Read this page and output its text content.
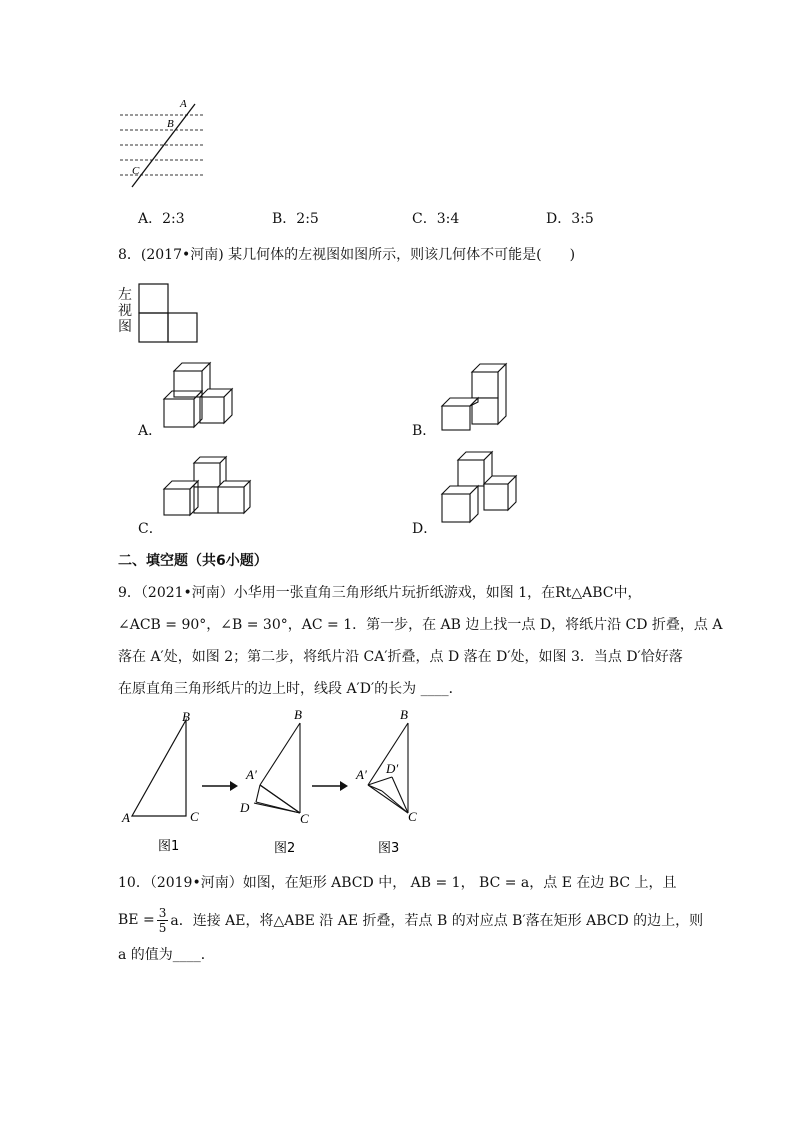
A
B
C
A．2:3	B．2:5	C．3:4	D．3:5
8．(2017•河南) 某几何体的左视图如图所示，则该几何体不可能是(　　)
左
视
图
A．	B．
C．	D．
二、填空题（共6小题）
9．（2021•河南）小华用一张直角三角形纸片玩折纸游戏，如图 1，在Rt△ABC中，
∠ACB = 90°，∠B = 30°，AC = 1．第一步，在 AB 边上找一点 D，将纸片沿 CD 折叠，点 A
落在 A′处，如图 2；第二步，将纸片沿 CA′折叠，点 D 落在 D′处，如图 3．当点 D′恰好落
在原直角三角形纸片的边上时，线段 A′D′的长为 ____．
B
A	C
图1
B
A′
D
C
图2
B
A′ D′
C
图3
10．（2019•河南）如图，在矩形 ABCD 中， AB = 1， BC = a，点 E 在边 BC 上，且
BE = $\frac{3}{5}$ a．连接 AE，将△ABE 沿 AE 折叠，若点 B 的对应点 B′落在矩形 ABCD 的边上，则
a 的值为____．
